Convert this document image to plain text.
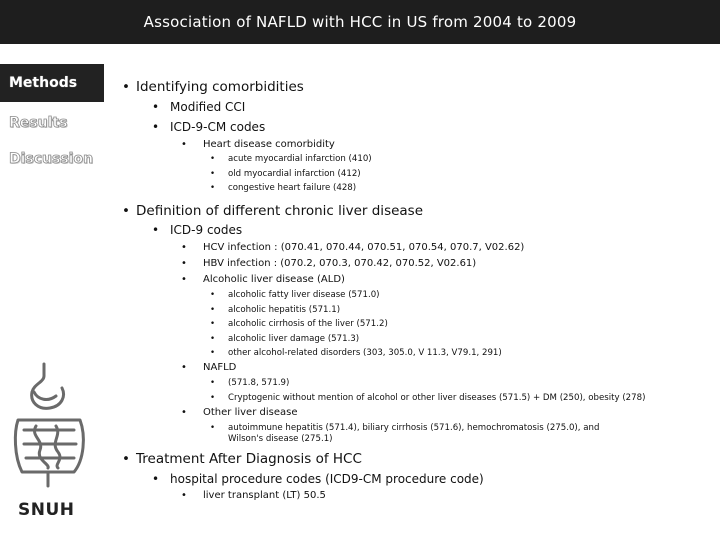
Association of NAFLD with HCC in US from 2004 to 2009
Methods
Results
Discussion
SNUH
• Identifying comorbidities
• Modified CCI
• ICD-9-CM codes
• Heart disease comorbidity
• acute myocardial infarction (410)
• old myocardial infarction (412)
• congestive heart failure (428)
• Definition of different chronic liver disease
• ICD-9 codes
• HCV infection : (070.41, 070.44, 070.51, 070.54, 070.7, V02.62)
• HBV infection : (070.2, 070.3, 070.42, 070.52, V02.61)
• Alcoholic liver disease (ALD)
• alcoholic fatty liver disease (571.0)
• alcoholic hepatitis (571.1)
• alcoholic cirrhosis of the liver (571.2)
• alcoholic liver damage (571.3)
• other alcohol-related disorders (303, 305.0, V 11.3, V79.1, 291)
• NAFLD
• (571.8, 571.9)
• Cryptogenic without mention of alcohol or other liver diseases (571.5) + DM (250), obesity (278)
• Other liver disease
•	autoimmune hepatitis (571.4), biliary cirrhosis (571.6), hemochromatosis (275.0), and Wilson's disease (275.1)
• Treatment After Diagnosis of HCC
• hospital procedure codes (ICD9-CM procedure code)
• liver transplant (LT) 50.5
